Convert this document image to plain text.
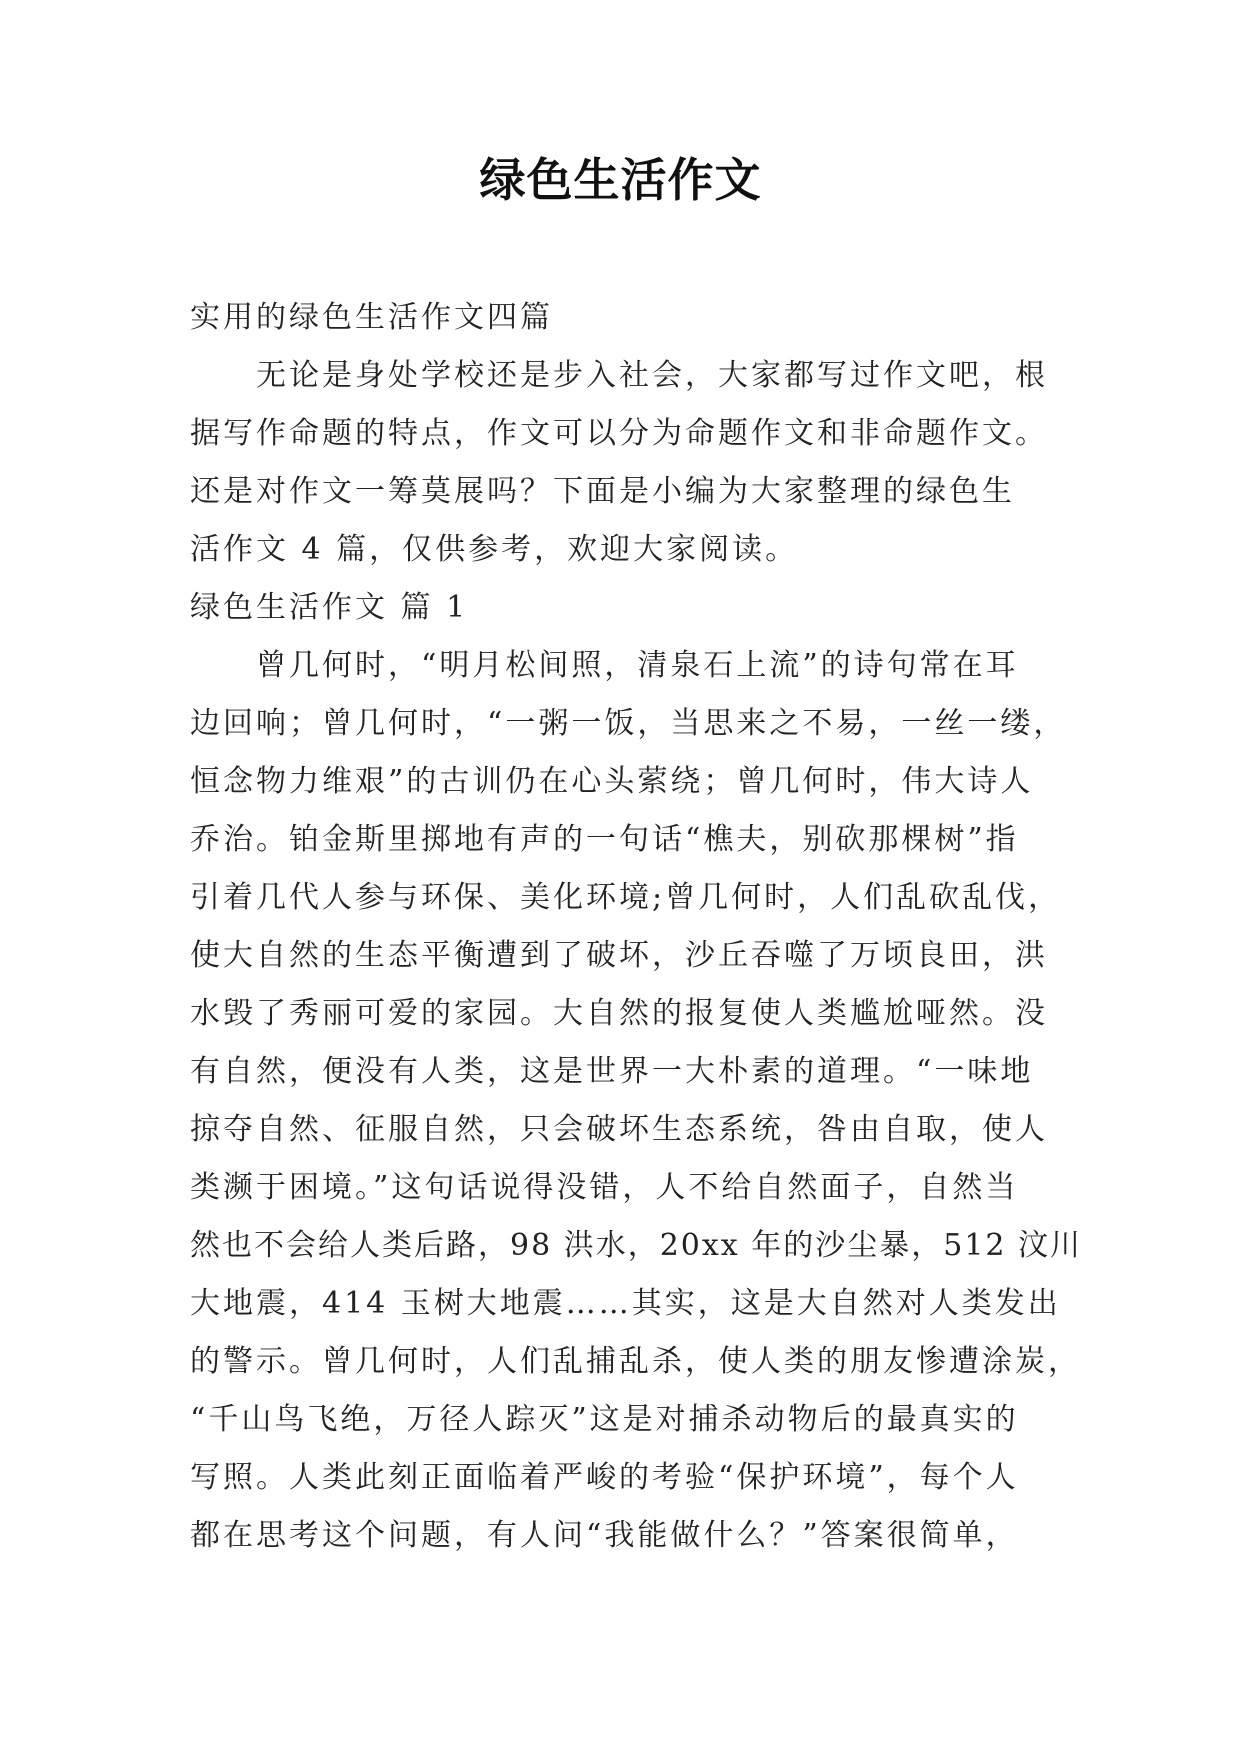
绿色生活作文
实用的绿色生活作文四篇
无论是身处学校还是步入社会，大家都写过作文吧，根
据写作命题的特点，作文可以分为命题作文和非命题作文。
还是对作文一筹莫展吗？下面是小编为大家整理的绿色生
活作文 4 篇，仅供参考，欢迎大家阅读。
绿色生活作文 篇 1
曾几何时，“明月松间照，清泉石上流”的诗句常在耳
边回响；曾几何时，“一粥一饭，当思来之不易，一丝一缕，
恒念物力维艰”的古训仍在心头萦绕；曾几何时，伟大诗人
乔治。铂金斯里掷地有声的一句话“樵夫，别砍那棵树”指
引着几代人参与环保、美化环境;曾几何时，人们乱砍乱伐，
使大自然的生态平衡遭到了破坏，沙丘吞噬了万顷良田，洪
水毁了秀丽可爱的家园。大自然的报复使人类尴尬哑然。没
有自然，便没有人类，这是世界一大朴素的道理。“一味地
掠夺自然、征服自然，只会破坏生态系统，咎由自取，使人
类濒于困境。”这句话说得没错，人不给自然面子，自然当
然也不会给人类后路，98 洪水，20xx 年的沙尘暴，512 汶川
大地震，414 玉树大地震……其实，这是大自然对人类发出
的警示。曾几何时，人们乱捕乱杀，使人类的朋友惨遭涂炭，
“千山鸟飞绝，万径人踪灭”这是对捕杀动物后的最真实的
写照。人类此刻正面临着严峻的考验“保护环境”，每个人
都在思考这个问题，有人问“我能做什么？”答案很简单，
